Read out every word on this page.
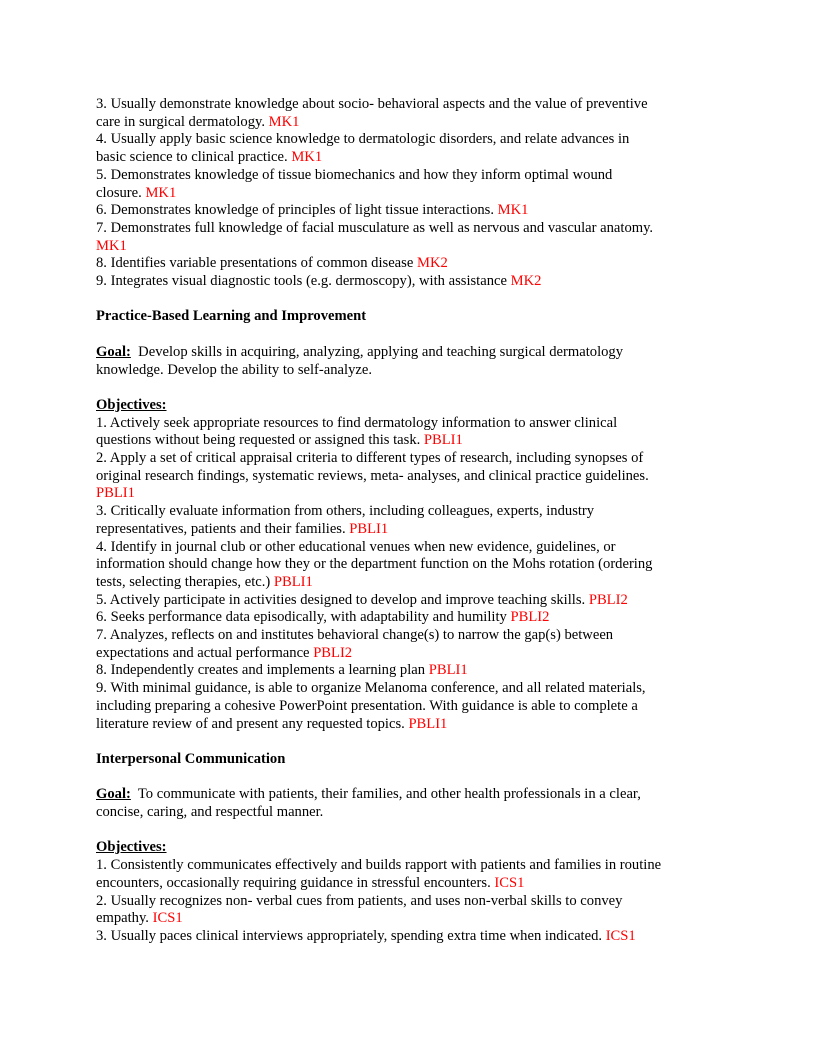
3. Usually demonstrate knowledge about socio- behavioral aspects and the value of preventive
care in surgical dermatology. MK1
4. Usually apply basic science knowledge to dermatologic disorders, and relate advances in
basic science to clinical practice. MK1
5. Demonstrates knowledge of tissue biomechanics and how they inform optimal wound
closure. MK1
6. Demonstrates knowledge of principles of light tissue interactions. MK1
7. Demonstrates full knowledge of facial musculature as well as nervous and vascular anatomy.
MK1
8. Identifies variable presentations of common disease MK2
9. Integrates visual diagnostic tools (e.g. dermoscopy), with assistance MK2
Practice-Based Learning and Improvement
Goal:  Develop skills in acquiring, analyzing, applying and teaching surgical dermatology
knowledge. Develop the ability to self-analyze.
Objectives:
1. Actively seek appropriate resources to find dermatology information to answer clinical
questions without being requested or assigned this task. PBLI1
2. Apply a set of critical appraisal criteria to different types of research, including synopses of
original research findings, systematic reviews, meta- analyses, and clinical practice guidelines.
PBLI1
3. Critically evaluate information from others, including colleagues, experts, industry
representatives, patients and their families. PBLI1
4. Identify in journal club or other educational venues when new evidence, guidelines, or
information should change how they or the department function on the Mohs rotation (ordering
tests, selecting therapies, etc.) PBLI1
5. Actively participate in activities designed to develop and improve teaching skills. PBLI2
6. Seeks performance data episodically, with adaptability and humility PBLI2
7. Analyzes, reflects on and institutes behavioral change(s) to narrow the gap(s) between
expectations and actual performance PBLI2
8. Independently creates and implements a learning plan PBLI1
9. With minimal guidance, is able to organize Melanoma conference, and all related materials,
including preparing a cohesive PowerPoint presentation. With guidance is able to complete a
literature review of and present any requested topics. PBLI1
Interpersonal Communication
Goal:  To communicate with patients, their families, and other health professionals in a clear,
concise, caring, and respectful manner.
Objectives:
1. Consistently communicates effectively and builds rapport with patients and families in routine
encounters, occasionally requiring guidance in stressful encounters. ICS1
2. Usually recognizes non- verbal cues from patients, and uses non-verbal skills to convey
empathy. ICS1
3. Usually paces clinical interviews appropriately, spending extra time when indicated. ICS1
